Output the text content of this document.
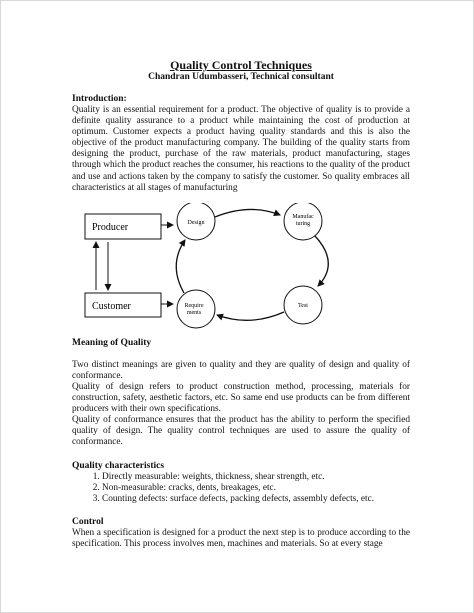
Quality Control Techniques
Chandran Udumbasseri, Technical consultant
Introduction:

Quality is an essential requirement for a product. The objective of quality is to provide a definite quality assurance to a product while maintaining the cost of production at optimum. Customer expects a product having quality standards and this is also the objective of the product manufacturing company. The building of the quality starts from designing the product, purchase of the raw materials, product manufacturing, stages through which the product reaches the consumer, his reactions to the quality of the product and use and actions taken by the company to satisfy the customer. So quality embraces all characteristics at all stages of manufacturing

Producer
Customer
Design
Manufac
turing
Test
Require
ments
Meaning of Quality

Two distinct meanings are given to quality and they are quality of design and quality of conformance.

Quality of design refers to product construction method, processing, materials for construction, safety, aesthetic factors, etc. So same end use products can be from different producers with their own specifications.

Quality of conformance ensures that the product has the ability to perform the specified quality of design. The quality control techniques are used to assure the quality of conformance.

Quality characteristics
1. Directly measurable: weights, thickness, shear strength, etc.
2. Non-measurable: cracks, dents, breakages, etc.
3. Counting defects: surface defects, packing defects, assembly defects, etc.
Control

When a specification is designed for a product the next step is to produce according to the specification. This process involves men, machines and materials. So at every stage
